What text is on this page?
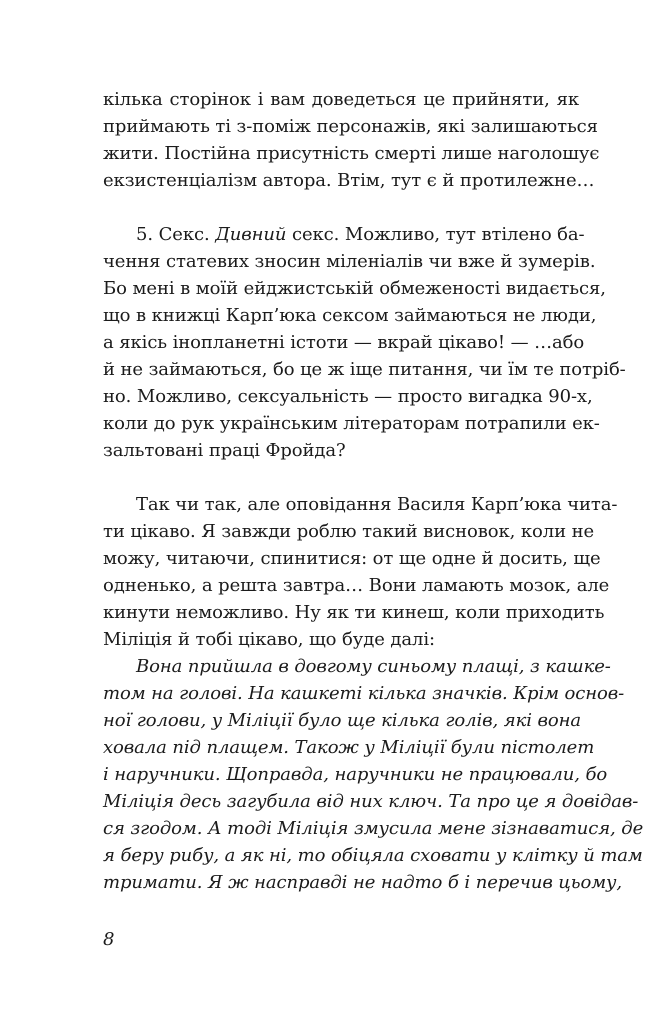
кілька сторінок і вам доведеться це прийняти, як
приймають ті з-поміж персонажів, які залишаються
жити. Постійна присутність смерті лише наголошує
екзистенціалізм автора. Втім, тут є й протилежне…
5. Секс. Дивний секс. Можливо, тут втілено ба-
чення статевих зносин міленіалів чи вже й зумерів.
Бо мені в моїй ейджистській обмеженості видається,
що в книжці Карп’юка сексом займаються не люди,
а якісь інопланетні істоти — вкрай цікаво! — …або
й не займаються, бо це ж іще питання, чи їм те потріб-
но. Можливо, сексуальність — просто вигадка 90-х,
коли до рук українським літераторам потрапили ек-
зальтовані праці Фройда?
Так чи так, але оповідання Василя Карп’юка чита-
ти цікаво. Я завжди роблю такий висновок, коли не
можу, читаючи, спинитися: от ще одне й досить, ще
одненько, а решта завтра… Вони ламають мозок, але
кинути неможливо. Ну як ти кинеш, коли приходить
Міліція й тобі цікаво, що буде далі:
Вона прийшла в довгому синьому плащі, з кашке-
том на голові. На кашкеті кілька значків. Крім основ-
ної голови, у Міліції було ще кілька голів, які вона
ховала під плащем. Також у Міліції були пістолет
і наручники. Щоправда, наручники не працювали, бо
Міліція десь загубила від них ключ. Та про це я довідав-
ся згодом. А тоді Міліція змусила мене зізнаватися, де
я беру рибу, а як ні, то обіцяла сховати у клітку й там
тримати. Я ж насправді не надто б і перечив цьому,
8
